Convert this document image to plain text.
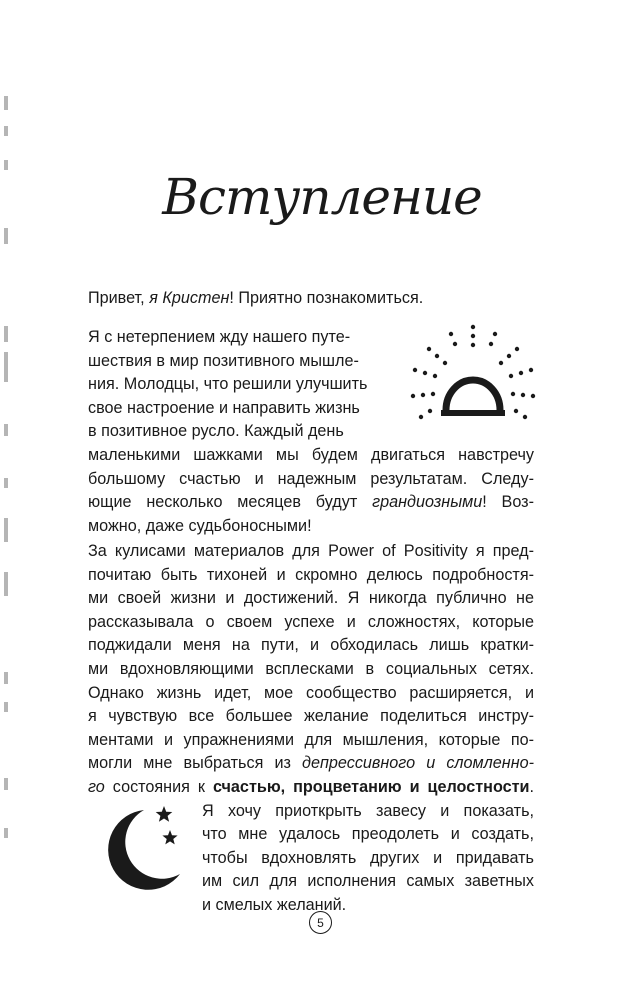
Вступление

Привет, я Кристен! Приятно познакомиться.

Я с нетерпением жду нашего путе-
шествия в мир позитивного мышле-
ния. Молодцы, что решили улучшить
свое настроение и направить жизнь
в позитивное русло. Каждый день
маленькими шажками мы будем двигаться навстречу
большому счастью и надежным результатам. Следу-
ющие несколько месяцев будут грандиозными! Воз-
можно, даже судьбоносными!

За кулисами материалов для Power of Positivity я пред-
почитаю быть тихоней и скромно делюсь подробностя-
ми своей жизни и достижений. Я никогда публично не
рассказывала о своем успехе и сложностях, которые
поджидали меня на пути, и обходилась лишь кратки-
ми вдохновляющими всплесками в социальных сетях.
Однако жизнь идет, мое сообщество расширяется, и
я чувствую все большее желание поделиться инстру-
ментами и упражнениями для мышления, которые по-
могли мне выбраться из депрессивного и сломленно-
го состояния к счастью, процветанию и целостности.
Я хочу приоткрыть завесу и показать,
что мне удалось преодолеть и создать,
чтобы вдохновлять других и придавать
им сил для исполнения самых заветных
и смелых желаний.

5
